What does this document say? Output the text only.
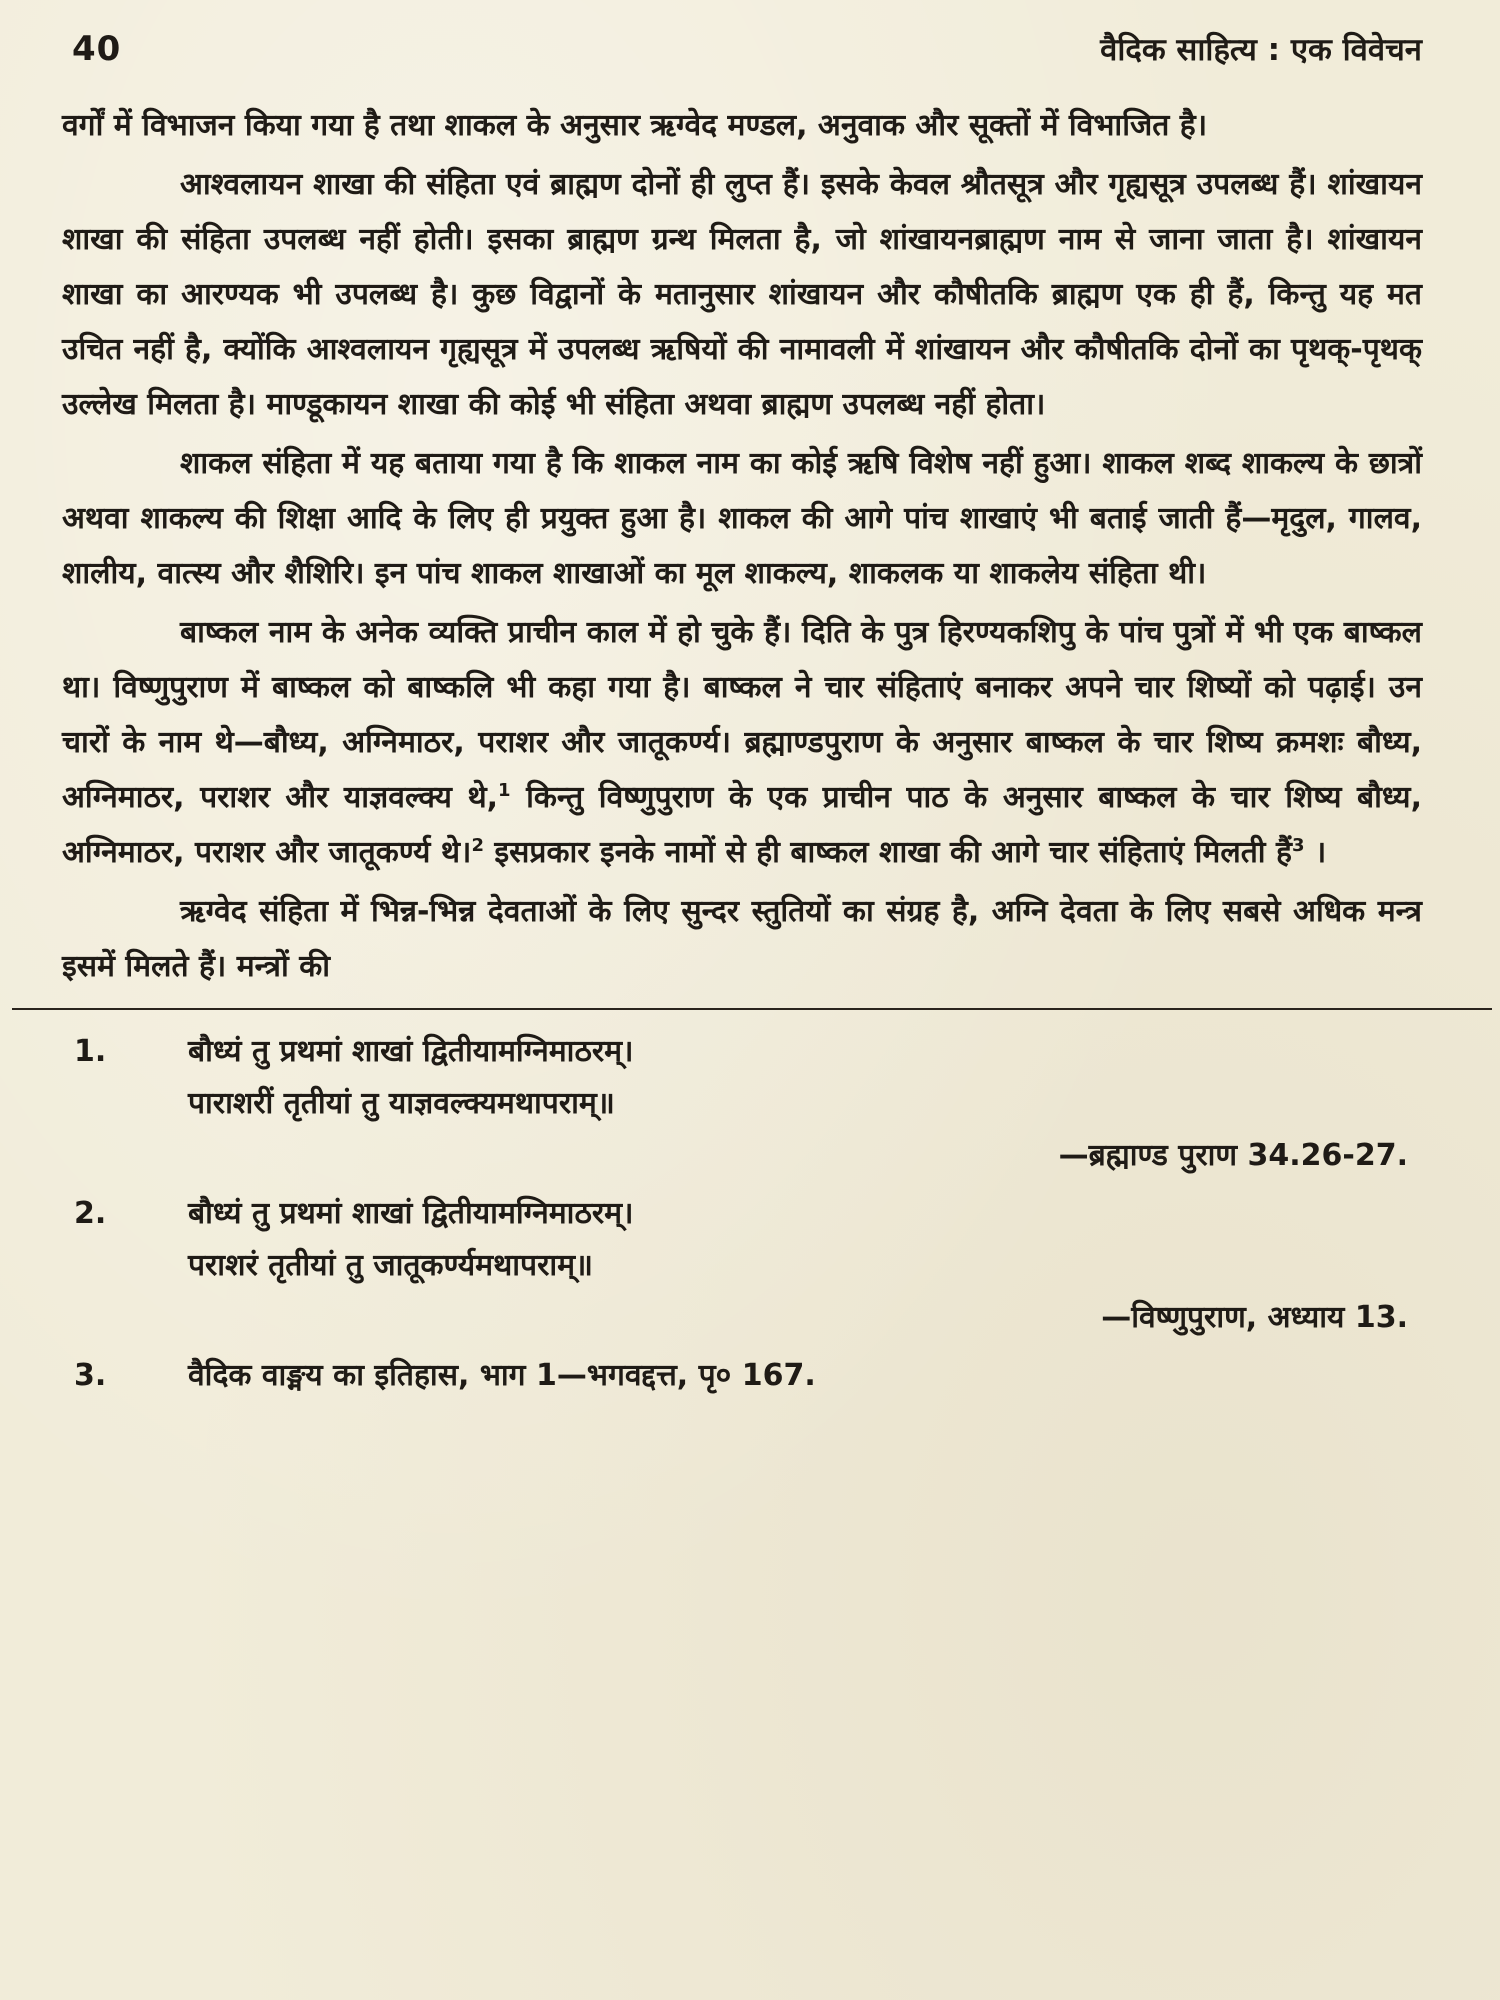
40	वैदिक साहित्य : एक विवेचन

वर्गों में विभाजन किया गया है तथा शाकल के अनुसार ऋग्वेद मण्डल, अनुवाक और सूक्तों में विभाजित है।

आश्वलायन शाखा की संहिता एवं ब्राह्मण दोनों ही लुप्त हैं। इसके केवल श्रौतसूत्र और गृह्यसूत्र उपलब्ध हैं। शांखायन शाखा की संहिता उपलब्ध नहीं होती। इसका ब्राह्मण ग्रन्थ मिलता है, जो शांखायनब्राह्मण नाम से जाना जाता है। शांखायन शाखा का आरण्यक भी उपलब्ध है। कुछ विद्वानों के मतानुसार शांखायन और कौषीतकि ब्राह्मण एक ही हैं, किन्तु यह मत उचित नहीं है, क्योंकि आश्वलायन गृह्यसूत्र में उपलब्ध ऋषियों की नामावली में शांखायन और कौषीतकि दोनों का पृथक्-पृथक् उल्लेख मिलता है। माण्डूकायन शाखा की कोई भी संहिता अथवा ब्राह्मण उपलब्ध नहीं होता।

शाकल संहिता में यह बताया गया है कि शाकल नाम का कोई ऋषि विशेष नहीं हुआ। शाकल शब्द शाकल्य के छात्रों अथवा शाकल्य की शिक्षा आदि के लिए ही प्रयुक्त हुआ है। शाकल की आगे पांच शाखाएं भी बताई जाती हैं—मृदुल, गालव, शालीय, वात्स्य और शैशिरि। इन पांच शाकल शाखाओं का मूल शाकल्य, शाकलक या शाकलेय संहिता थी।

बाष्कल नाम के अनेक व्यक्ति प्राचीन काल में हो चुके हैं। दिति के पुत्र हिरण्यकशिपु के पांच पुत्रों में भी एक बाष्कल था। विष्णुपुराण में बाष्कल को बाष्कलि भी कहा गया है। बाष्कल ने चार संहिताएं बनाकर अपने चार शिष्यों को पढ़ाई। उन चारों के नाम थे—बौध्य, अग्निमाठर, पराशर और जातूकर्ण्य। ब्रह्माण्डपुराण के अनुसार बाष्कल के चार शिष्य क्रमशः बौध्य, अग्निमाठर, पराशर और याज्ञवल्क्य थे,$^1$ किन्तु विष्णुपुराण के एक प्राचीन पाठ के अनुसार बाष्कल के चार शिष्य बौध्य, अग्निमाठर, पराशर और जातूकर्ण्य थे।$^2$ इसप्रकार इनके नामों से ही बाष्कल शाखा की आगे चार संहिताएं मिलती हैं$^3$ ।

ऋग्वेद संहिता में भिन्न-भिन्न देवताओं के लिए सुन्दर स्तुतियों का संग्रह है, अग्नि देवता के लिए सबसे अधिक मन्त्र इसमें मिलते हैं। मन्त्रों की

1.	बौध्यं तु प्रथमां शाखां द्वितीयामग्निमाठरम्।
पाराशरीं तृतीयां तु याज्ञवल्क्यमथापराम्॥
—ब्रह्माण्ड पुराण 34.26-27.
2.	बौध्यं तु प्रथमां शाखां द्वितीयामग्निमाठरम्।
पराशरं तृतीयां तु जातूकर्ण्यमथापराम्॥
—विष्णुपुराण, अध्याय 13.
3.	वैदिक वाङ्मय का इतिहास, भाग 1—भगवद्दत्त, पृ० 167.
